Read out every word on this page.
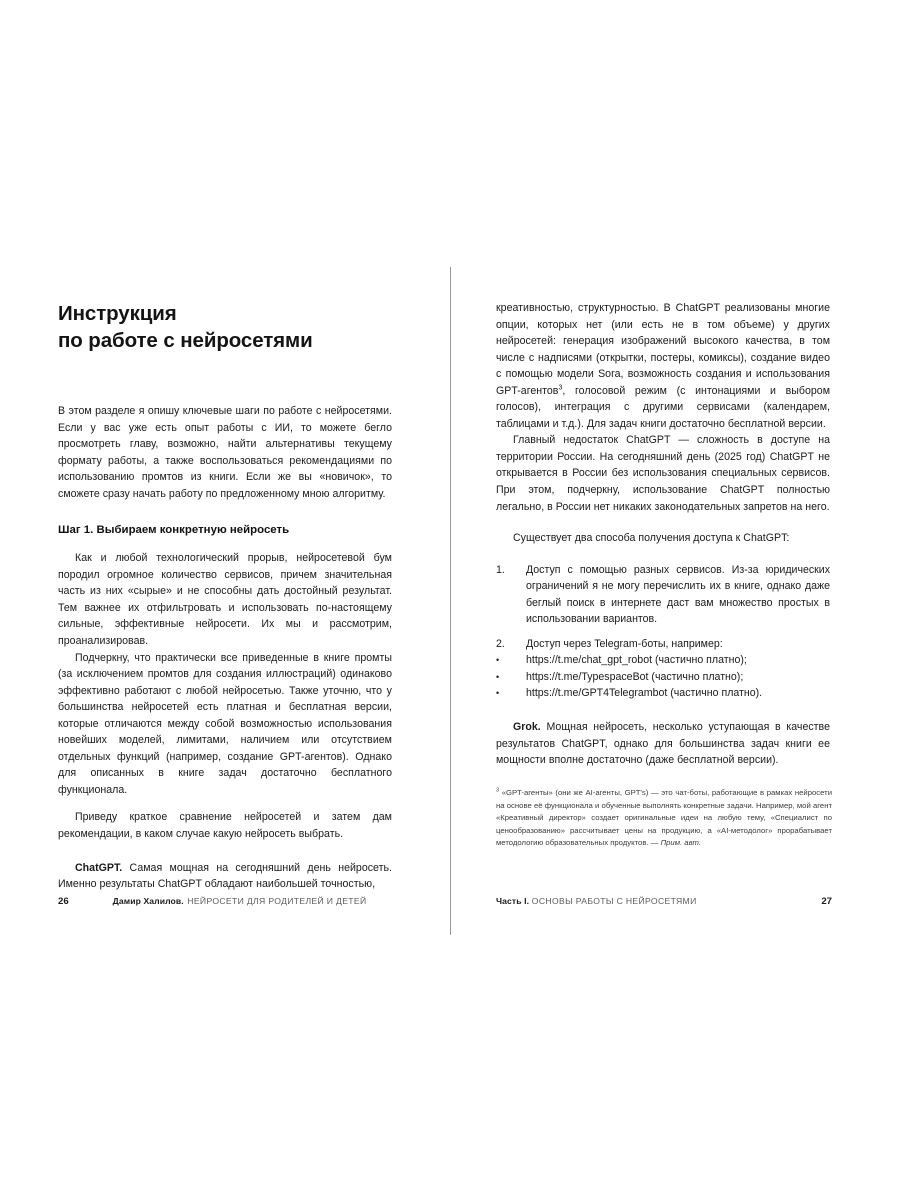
Инструкция
по работе с нейросетями

В этом разделе я опишу ключевые шаги по работе с нейросетями. Если у вас уже есть опыт работы с ИИ, то можете бегло просмотреть главу, возможно, найти альтернативы текущему формату работы, а также воспользоваться рекомендациями по использованию промтов из книги. Если же вы «новичок», то сможете сразу начать работу по предложенному мною алгоритму.

Шаг 1. Выбираем конкретную нейросеть

Как и любой технологический прорыв, нейросетевой бум породил огромное количество сервисов, причем значительная часть из них «сырые» и не способны дать достойный результат. Тем важнее их отфильтровать и использовать по-настоящему сильные, эффективные нейросети. Их мы и рассмотрим, проанализировав.

Подчеркну, что практически все приведенные в книге промты (за исключением промтов для создания иллюстраций) одинаково эффективно работают с любой нейросетью. Также уточню, что у большинства нейросетей есть платная и бесплатная версии, которые отличаются между собой возможностью использования новейших моделей, лимитами, наличием или отсутствием отдельных функций (например, создание GPT-агентов). Однако для описанных в книге задач достаточно бесплатного функционала.

Приведу краткое сравнение нейросетей и затем дам рекомендации, в каком случае какую нейросеть выбрать.

ChatGPT. Самая мощная на сегодняшний день нейросеть. Именно результаты ChatGPT обладают наибольшей точностью,

26	Дамир Халилов. НЕЙРОСЕТИ ДЛЯ РОДИТЕЛЕЙ И ДЕТЕЙ

креативностью, структурностью. В ChatGPT реализованы многие опции, которых нет (или есть не в том объеме) у других нейросетей: генерация изображений высокого качества, в том числе с надписями (открытки, постеры, комиксы), создание видео с помощью модели Sora, возможность создания и использования GPT-агентов$^3$, голосовой режим (с интонациями и выбором голосов), интеграция с другими сервисами (календарем, таблицами и т.д.). Для задач книги достаточно бесплатной версии.

Главный недостаток ChatGPT — сложность в доступе на территории России. На сегодняшний день (2025 год) ChatGPT не открывается в России без использования специальных сервисов. При этом, подчеркну, использование ChatGPT полностью легально, в России нет никаких законодательных запретов на него.

Существует два способа получения доступа к ChatGPT:

1.	Доступ с помощью разных сервисов. Из-за юридических ограничений я не могу перечислить их в книге, однако даже беглый поиск в интернете даст вам множество простых в использовании вариантов.
2.	Доступ через Telegram-боты, например:
•	https://t.me/chat_gpt_robot (частично платно);
•	https://t.me/TypespaceBot (частично платно);
•	https://t.me/GPT4Telegrambot (частично платно).

Grok. Мощная нейросеть, несколько уступающая в качестве результатов ChatGPT, однако для большинства задач книги ее мощности вполне достаточно (даже бесплатной версии).

$^3$ «GPT-агенты» (они же AI-агенты, GPT's) — это чат-боты, работающие в рамках нейросети на основе её функционала и обученные выполнять конкретные задачи. Например, мой агент «Креативный директор» создает оригинальные идеи на любую тему, «Специалист по ценообразованию» рассчитывает цены на продукцию, а «AI-методолог» прорабатывает методологию образовательных продуктов. — Прим. авт.
Часть I. ОСНОВЫ РАБОТЫ С НЕЙРОСЕТЯМИ	27
